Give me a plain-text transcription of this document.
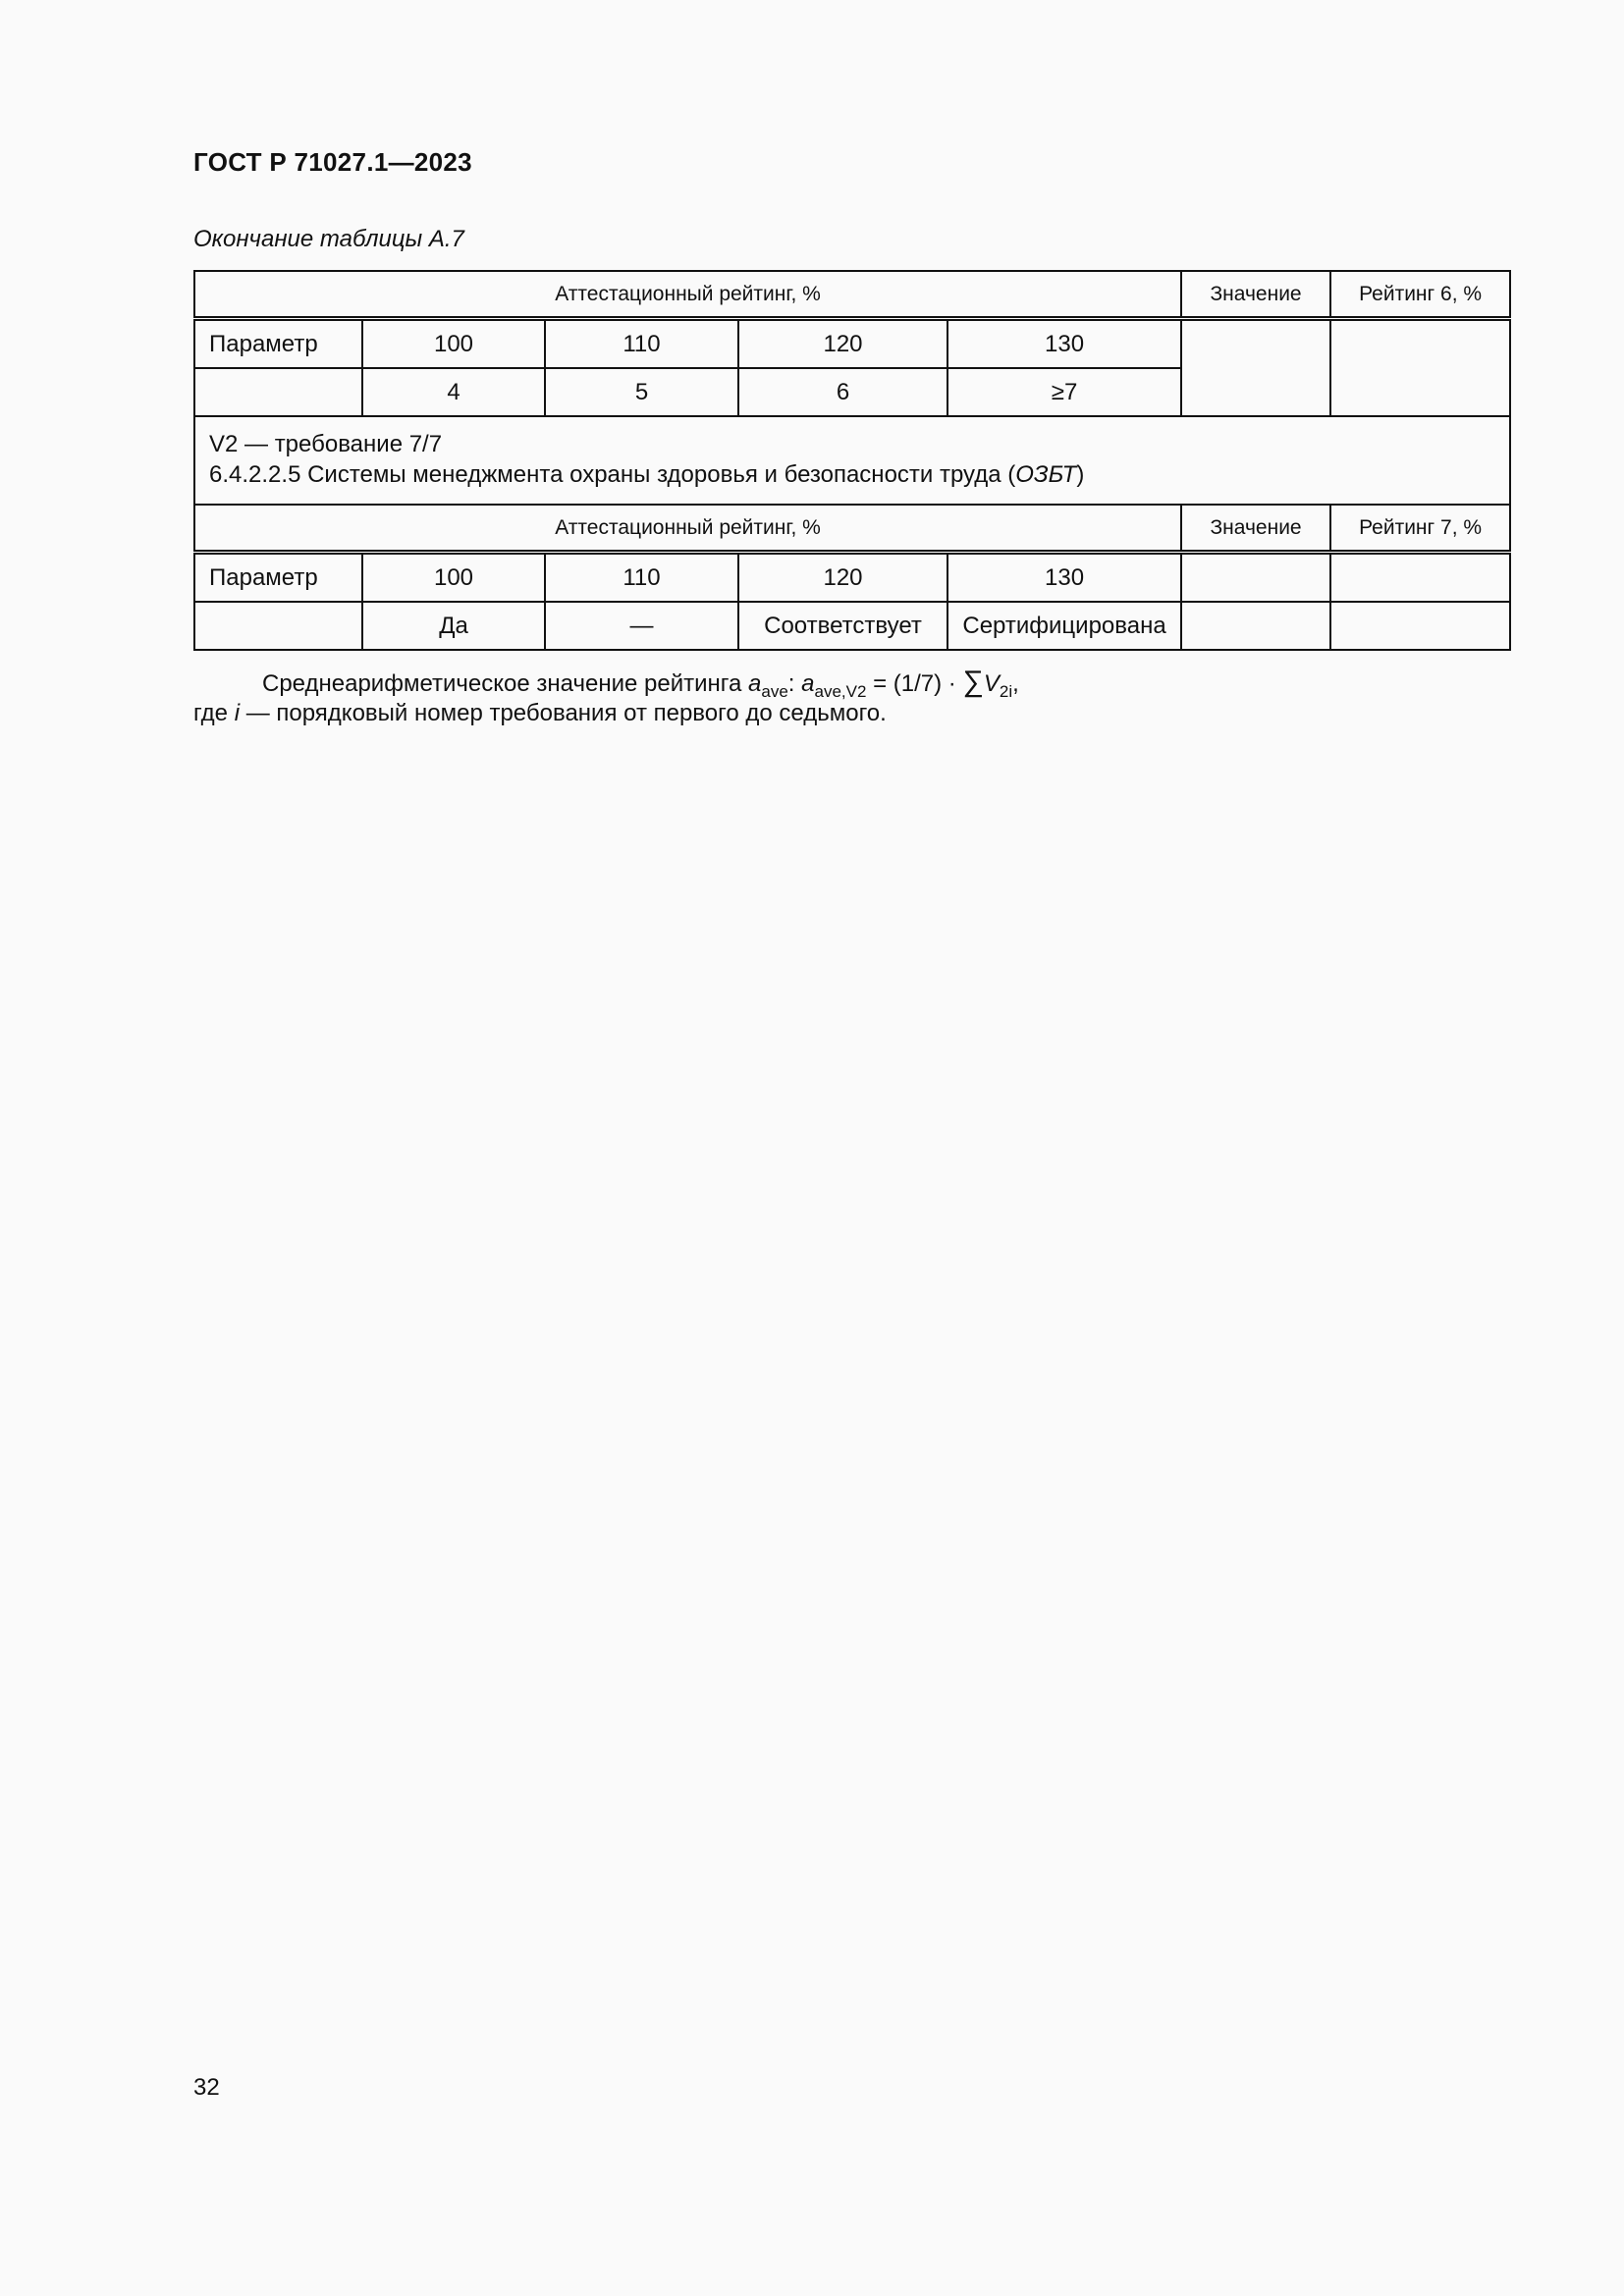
ГОСТ Р 71027.1—2023
Окончание таблицы А.7
Аттестационный рейтинг, %					Значение	Рейтинг 6, %
Параметр	100	110	120	130		
	4	5	6	≥7		

V2 — требование 7/7
6.4.2.2.5 Системы менеджмента охраны здоровья и безопасности труда (ОЗБТ)						

Аттестационный рейтинг, %					Значение	Рейтинг 7, %
Параметр	100	110	120	130		
	Да	—	Соответствует	Сертифицирована		
Среднеарифметическое значение рейтинга $a_{ave}$: $a_{ave,V2} = (1/7) \cdot \sum V_{2i}$,
где i — порядковый номер требования от первого до седьмого.
32
